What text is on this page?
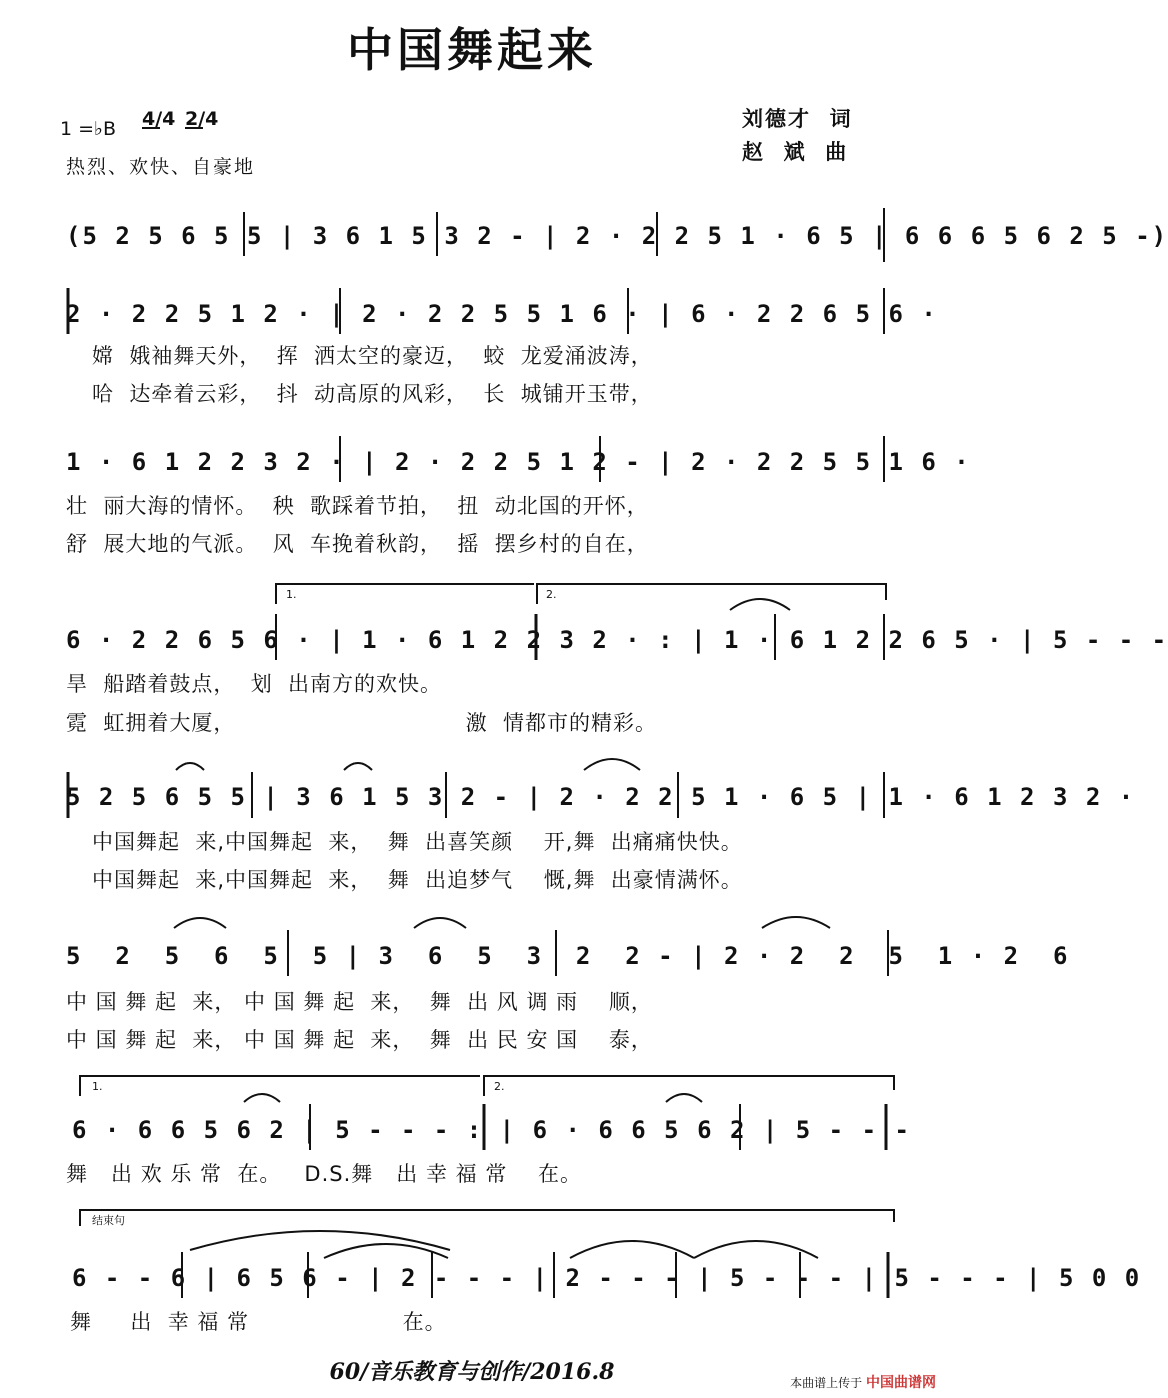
中国舞起来
1 =♭B 4/4 2/4
热烈、欢快、自豪地
刘德才  词
赵  斌  曲
(5 2 5 6 5 5 | 3 6 1 5 3 2 - | 2 · 2 2 5 1 · 6 5 | 6 6 6 5 6 2 5 -)
2 · 2 2 5 1 2 · | 2 · 2 2 5 5 1 6 · | 6 · 2 2 6 5 6 ·
嫦  娥袖舞天外，  挥  洒太空的豪迈，  蛟  龙爱涌波涛，
哈  达牵着云彩，  抖  动高原的风彩，  长  城铺开玉带，
1 · 6 1 2 2 3 2 · | 2 · 2 2 5 1 2 - | 2 · 2 2 5 5 1 6 ·
壮  丽大海的情怀。  秧  歌踩着节拍，  扭  动北国的开怀，
舒  展大地的气派。  风  车挽着秋韵，  摇  摆乡村的自在，
1.	2.
6 · 2 2 6 5 6 · | 1 · 6 1 2 2 3 2 · : | 1 · 6 1 2 2 6 5 · | 5 - - -
旱  船踏着鼓点，  划  出南方的欢快。
霓  虹拥着大厦，                              激  情都市的精彩。
5 2 5 6 5 5 | 3 6 1 5 3 2 - | 2 · 2 2 5 1 · 6 5 | 1 · 6 1 2 3 2 ·
中国舞起  来,中国舞起  来，  舞  出喜笑颜    开,舞  出痛痛快快。
中国舞起  来,中国舞起  来，  舞  出追梦气    慨,舞  出豪情满怀。
5  2  5  6  5  5 | 3  6  5  3  2  2 - | 2 · 2  2  5  1 · 2  6
中 国 舞 起  来， 中 国 舞 起  来，  舞  出 风 调 雨    顺，
中 国 舞 起  来， 中 国 舞 起  来，  舞  出 民 安 国    泰，
1.	2.
6 · 6 6 5 6 2 | 5 - - - : | 6 · 6 6 5 6 2 | 5 - - -
舞   出 欢 乐 常  在。   D.S.舞   出 幸 福 常    在。
结束句
6 - - 6 | 6 5 6 - | 2 - - - | 2 - - - | 5 - - - | 5 - - - | 5 0 0
舞     出  幸 福 常                    在。
60/音乐教育与创作/2016.8	本曲谱上传于 中国曲谱网
